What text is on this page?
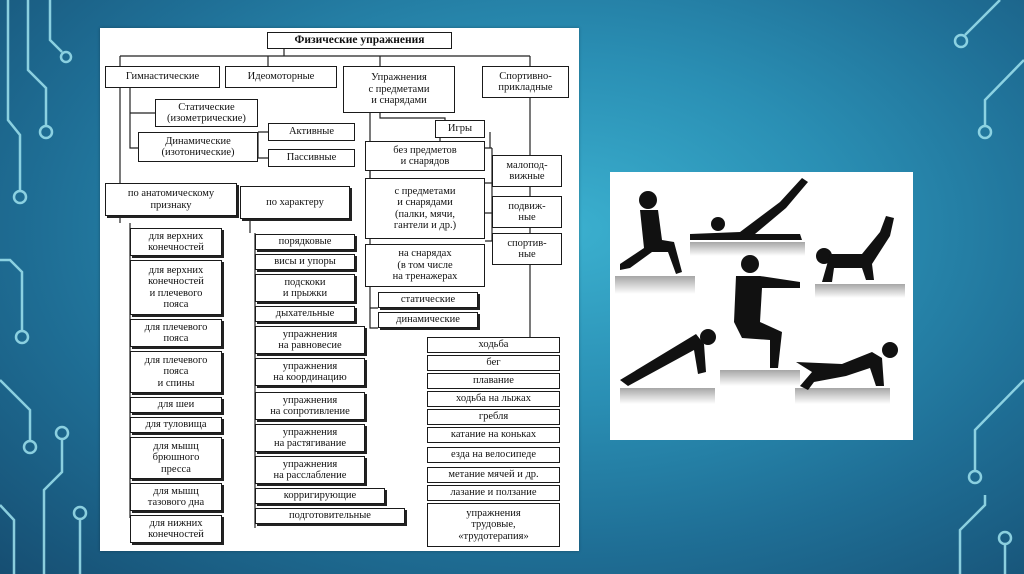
Физические упражнения
Гимнастические	Идеомоторные	Упражнения
с предметами
и снарядами
Спортивно-
прикладные
Статические
(изометрические)
Динамические
(изотонические)
Активные
Пассивные
Игры
без предметов
и снарядов
с предметами
и снарядами
(палки, мячи,
гантели и др.)
на снарядах
(в том числе
на тренажерах
малопод-
вижные
подвиж-
ные
спортив-
ные
по анатомическому
признаку	по характеру
для верхних
конечностей
для верхних
конечностей
и плечевого
пояса
для плечевого
пояса
для плечевого
пояса
и спины
для шеи
для туловища
для мышц
брюшного
пресса
для мышц
тазового дна
для нижних
конечностей
порядковые
висы и упоры
подскоки
и прыжки
дыхательные
упражнения
на равновесие
упражнения
на координацию
упражнения
на сопротивление
упражнения
на растягивание
упражнения
на расслабление
корригирующие
подготовительные
статические
динамические
ходьба
бег
плавание
ходьба на лыжах
гребля
катание на коньках
езда на велосипеде
метание мячей и др.
лазание и ползание
упражнения
трудовые,
«трудотерапия»
